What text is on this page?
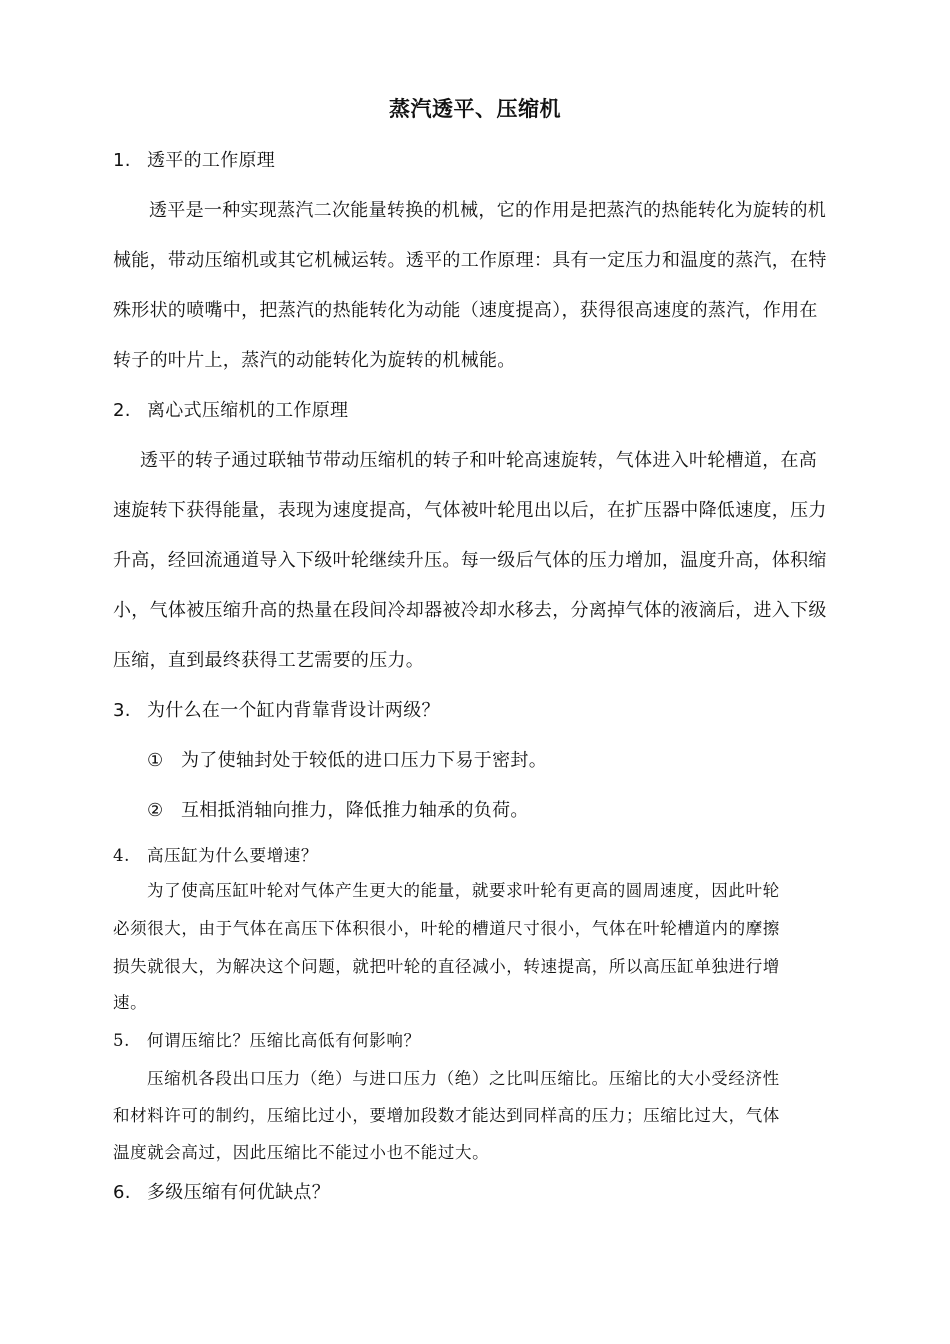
蒸汽透平、压缩机
1. 透平的工作原理
透平是一种实现蒸汽二次能量转换的机械，它的作用是把蒸汽的热能转化为旋转的机
械能，带动压缩机或其它机械运转。透平的工作原理：具有一定压力和温度的蒸汽，在特
殊形状的喷嘴中，把蒸汽的热能转化为动能（速度提高），获得很高速度的蒸汽，作用在
转子的叶片上，蒸汽的动能转化为旋转的机械能。
2. 离心式压缩机的工作原理
透平的转子通过联轴节带动压缩机的转子和叶轮高速旋转，气体进入叶轮槽道，在高
速旋转下获得能量，表现为速度提高，气体被叶轮甩出以后，在扩压器中降低速度，压力
升高，经回流通道导入下级叶轮继续升压。每一级后气体的压力增加，温度升高，体积缩
小，气体被压缩升高的热量在段间冷却器被冷却水移去，分离掉气体的液滴后，进入下级
压缩，直到最终获得工艺需要的压力。
3. 为什么在一个缸内背靠背设计两级？
① 为了使轴封处于较低的进口压力下易于密封。
② 互相抵消轴向推力，降低推力轴承的负荷。
4. 高压缸为什么要增速？
为了使高压缸叶轮对气体产生更大的能量，就要求叶轮有更高的圆周速度，因此叶轮
必须很大，由于气体在高压下体积很小，叶轮的槽道尺寸很小，气体在叶轮槽道内的摩擦
损失就很大，为解决这个问题，就把叶轮的直径减小，转速提高，所以高压缸单独进行增
速。
5. 何谓压缩比？压缩比高低有何影响？
压缩机各段出口压力（绝）与进口压力（绝）之比叫压缩比。压缩比的大小受经济性
和材料许可的制约，压缩比过小，要增加段数才能达到同样高的压力；压缩比过大，气体
温度就会高过，因此压缩比不能过小也不能过大。
6. 多级压缩有何优缺点？
